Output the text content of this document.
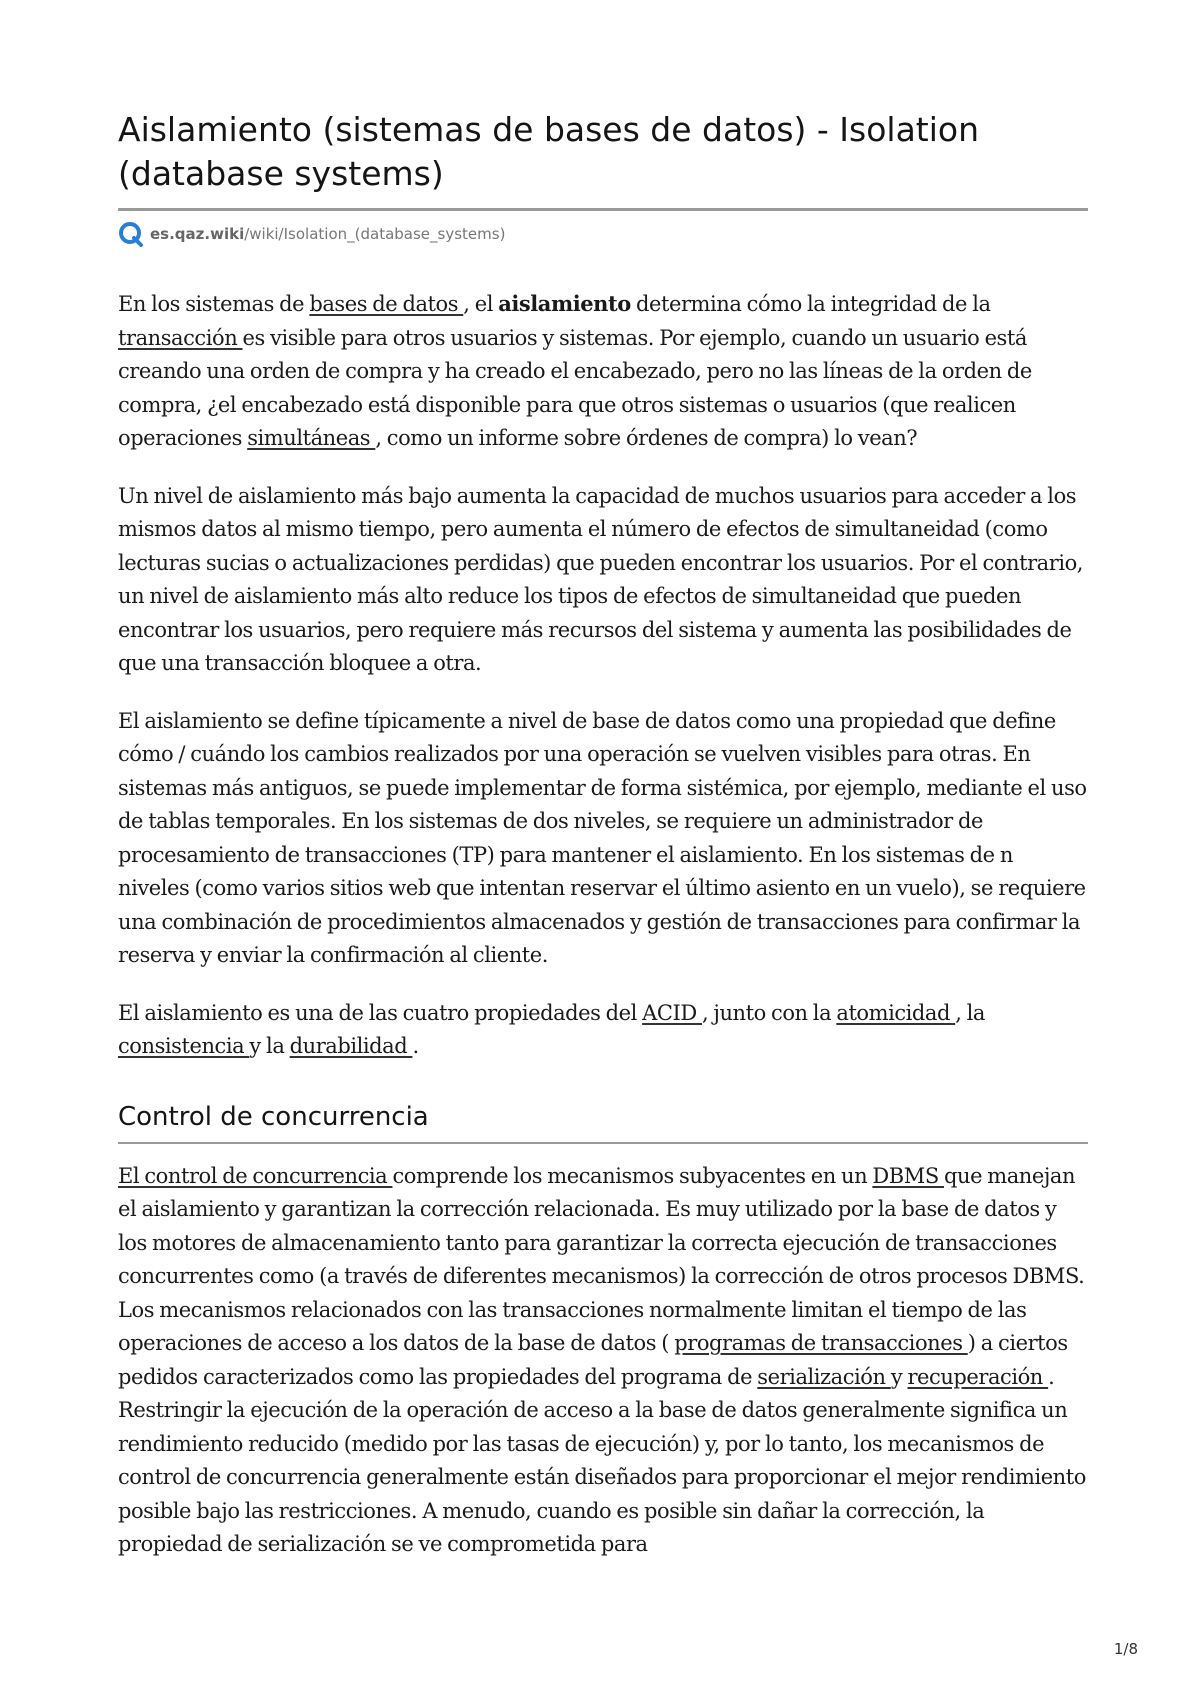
Aislamiento (sistemas de bases de datos) - Isolation (database systems)
es.qaz.wiki /wiki/Isolation_(database_systems)

En los sistemas de bases de datos , el aislamiento determina cómo la integridad de la transacción es visible para otros usuarios y sistemas. Por ejemplo, cuando un usuario está creando una orden de compra y ha creado el encabezado, pero no las líneas de la orden de compra, ¿el encabezado está disponible para que otros sistemas o usuarios (que realicen operaciones simultáneas , como un informe sobre órdenes de compra) lo vean?

Un nivel de aislamiento más bajo aumenta la capacidad de muchos usuarios para acceder a los mismos datos al mismo tiempo, pero aumenta el número de efectos de simultaneidad (como lecturas sucias o actualizaciones perdidas) que pueden encontrar los usuarios. Por el contrario, un nivel de aislamiento más alto reduce los tipos de efectos de simultaneidad que pueden encontrar los usuarios, pero requiere más recursos del sistema y aumenta las posibilidades de que una transacción bloquee a otra.

El aislamiento se define típicamente a nivel de base de datos como una propiedad que define cómo / cuándo los cambios realizados por una operación se vuelven visibles para otras. En sistemas más antiguos, se puede implementar de forma sistémica, por ejemplo, mediante el uso de tablas temporales. En los sistemas de dos niveles, se requiere un administrador de procesamiento de transacciones (TP) para mantener el aislamiento. En los sistemas de n niveles (como varios sitios web que intentan reservar el último asiento en un vuelo), se requiere una combinación de procedimientos almacenados y gestión de transacciones para confirmar la reserva y enviar la confirmación al cliente.

El aislamiento es una de las cuatro propiedades del ACID , junto con la atomicidad , la consistencia y la durabilidad .

Control de concurrencia

El control de concurrencia comprende los mecanismos subyacentes en un DBMS que manejan el aislamiento y garantizan la corrección relacionada. Es muy utilizado por la base de datos y los motores de almacenamiento tanto para garantizar la correcta ejecución de transacciones concurrentes como (a través de diferentes mecanismos) la corrección de otros procesos DBMS. Los mecanismos relacionados con las transacciones normalmente limitan el tiempo de las operaciones de acceso a los datos de la base de datos ( programas de transacciones ) a ciertos pedidos caracterizados como las propiedades del programa de serialización y recuperación . Restringir la ejecución de la operación de acceso a la base de datos generalmente significa un rendimiento reducido (medido por las tasas de ejecución) y, por lo tanto, los mecanismos de control de concurrencia generalmente están diseñados para proporcionar el mejor rendimiento posible bajo las restricciones. A menudo, cuando es posible sin dañar la corrección, la propiedad de serialización se ve comprometida para

1/8
